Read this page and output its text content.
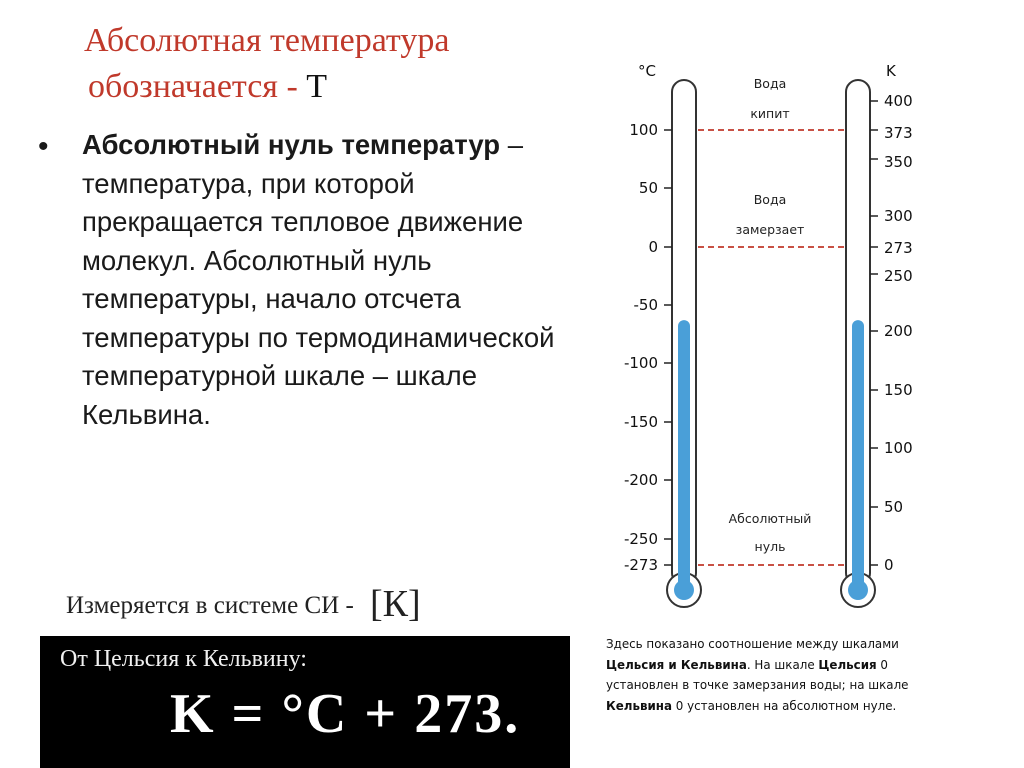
Абсолютная температура
обозначается - Т
• Абсолютный нуль температур – температура, при которой прекращается тепловое движение молекул. Абсолютный нуль температуры, начало отсчета температуры по термодинамической температурной шкале – шкале Кельвина.
Измеряется в системе СИ - [К]
От Цельсия к Кельвину:
K = °C + 273.
°C	K
100
50
0
-50
-100
-150
-200
-250
-273
400
373
350
300
273
250
200
150
100
50
0
Вода
кипит
Вода
замерзает
Абсолютный
нуль
Здесь показано соотношение между шкалами
Цельсия и Кельвина. На шкале Цельсия 0
установлен в точке замерзания воды; на шкале
Кельвина 0 установлен на абсолютном нуле.
